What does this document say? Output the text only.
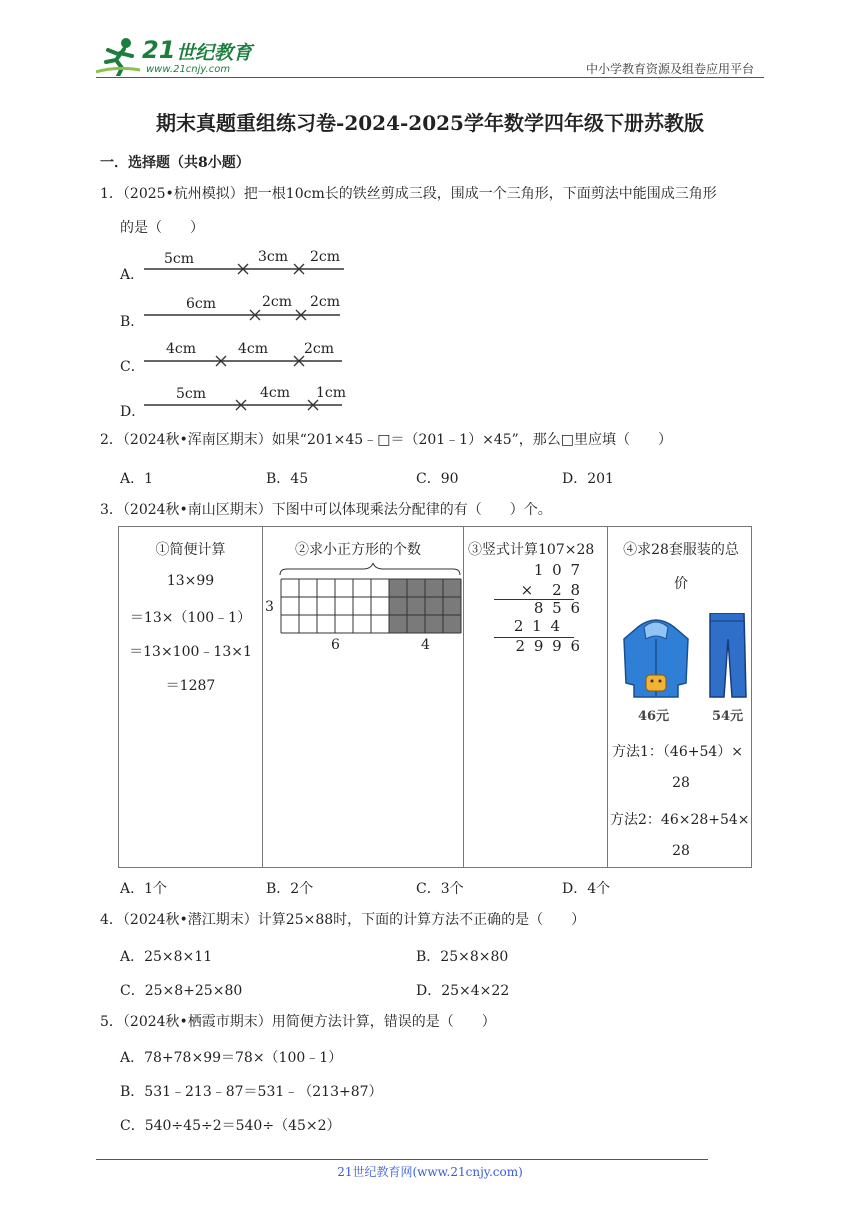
21 世纪教育
www.21cnjy.com	中小学教育资源及组卷应用平台
期末真题重组练习卷-2024-2025学年数学四年级下册苏教版
一．选择题（共8小题）
1．（2025•杭州模拟）把一根10cm长的铁丝剪成三段，围成一个三角形，下面剪法中能围成三角形
的是（　　）
A．
5cm	3cm 2cm
B．
6cm	2cm 2cm
C．
4cm	4cm	2cm
D．
5cm	4cm 1cm
2．（2024秋•浑南区期末）如果“201×45﹣□＝（201﹣1）×45”，那么□里应填（　　）
A．1	B．45	C．90	D．201
3．（2024秋•南山区期末）下图中可以体现乘法分配律的有（　　）个。
①简便计算
13×99
＝13×（100﹣1）
＝13×100﹣13×1
＝1287

②求小正方形的个数
3
6	4

③竖式计算107×28
1 0 7
×　2 8
8 5 6
2 1 4
2 9 9 6

④求28套服装的总
价
46元	54元
方法1：（46+54）×
28
方法2：46×28+54×
28
A．1个	B．2个	C．3个	D．4个
4．（2024秋•潜江期末）计算25×88时，下面的计算方法不正确的是（　　）
A．25×8×11	B．25×8×80
C．25×8+25×80	D．25×4×22
5．（2024秋•栖霞市期末）用简便方法计算，错误的是（　　）
A．78+78×99＝78×（100﹣1）
B．531﹣213﹣87＝531﹣（213+87）
C．540÷45÷2＝540÷（45×2）
21世纪教育网(www.21cnjy.com)
